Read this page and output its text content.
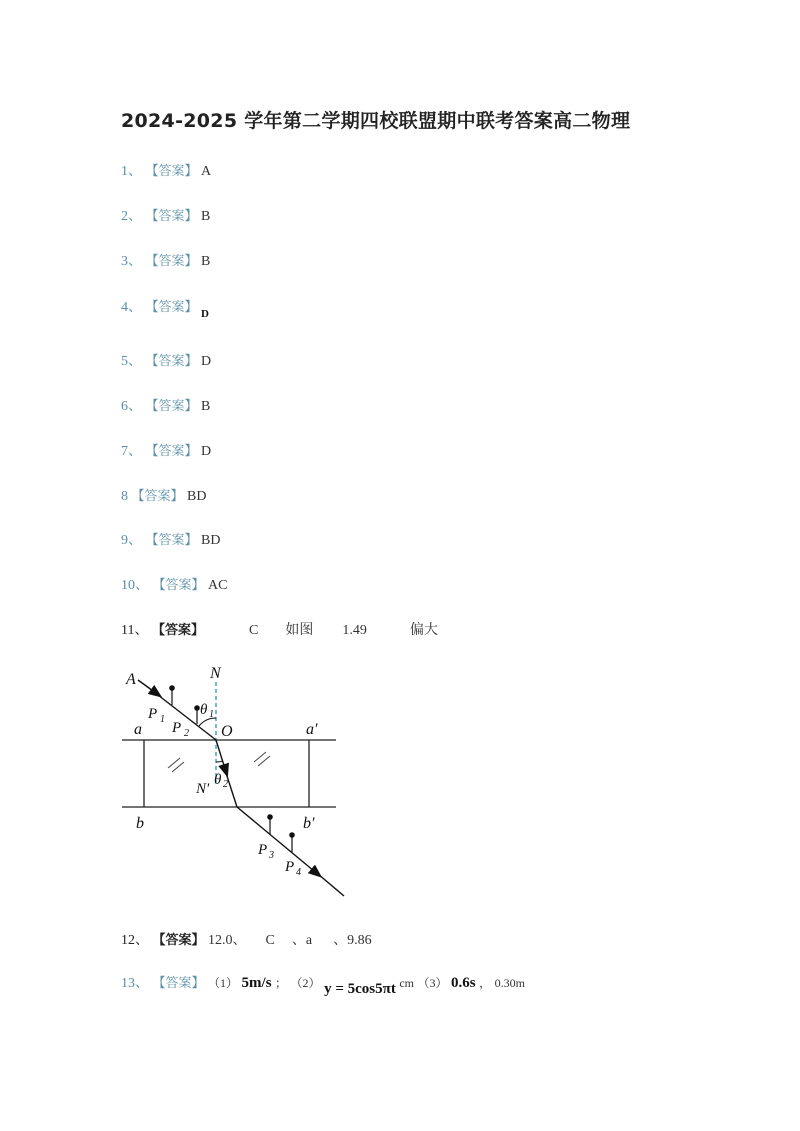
2024-2025 学年第二学期四校联盟期中联考答案高二物理
1、 【答案】 A
2、 【答案】 B
3、 【答案】 B
4、 【答案】 $_D$
5、 【答案】 D
6、 【答案】 B
7、 【答案】 D
8 【答案】 BD
9、 【答案】 BD
10、 【答案】 AC
11、 【答案】	C 如图 1.49	偏大
A	N
P 1
P 2
θ 1
O
a	a′
N′
θ 2
b	b′
P 3
P 4
12、 【答案】 12.0、 C 、a 、9.86
13、 【答案】 （1） 5m/s ； （2） y = 5cos5πt cm （3） 0.6s ， 0.30m
